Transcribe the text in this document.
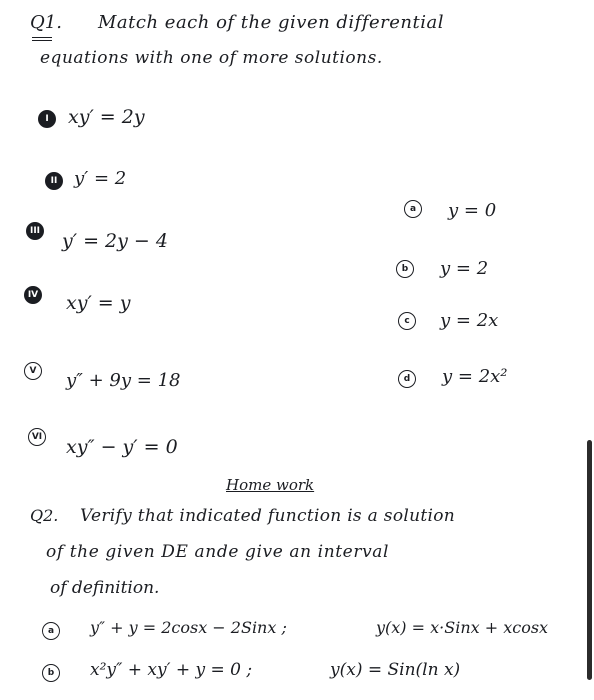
Q1. Match each of the given differential
equations with one of more solutions.
I	xy′ = 2y
II y′ = 2
III y′ = 2y − 4
IV xy′ = y
V	y″ + 9y = 18
VI xy″ − y′ = 0
a	y = 0
b	y = 2
c	y = 2x
d	y = 2x²
Home work
Q2. Verify that indicated function is a solution
of the given DE ande give an interval
of definition.
a	y″ + y = 2cosx − 2Sinx ;	y(x) = x·Sinx + xcosx
b	x²y″ + xy′ + y = 0 ;	y(x) = Sin(ln x)
